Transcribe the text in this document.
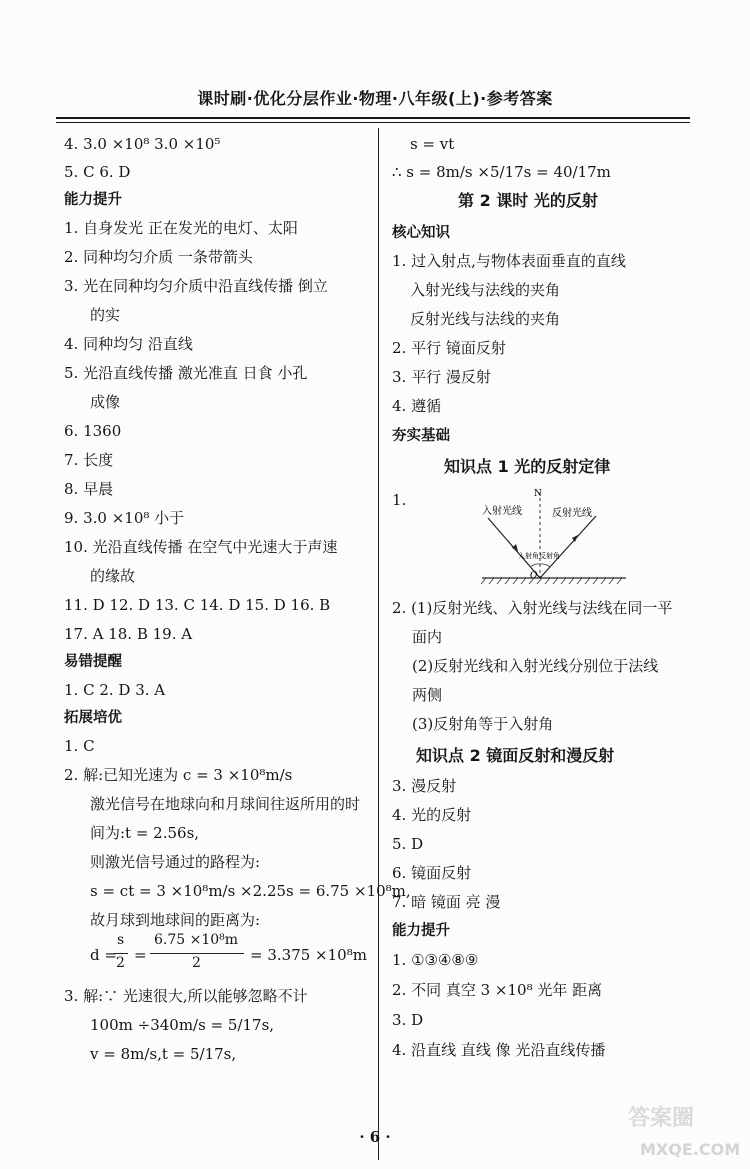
课时刷·优化分层作业·物理·八年级(上)·参考答案
4. 3.0 ×10⁸ 3.0 ×10⁵
5. C 6. D
能力提升
1. 自身发光 正在发光的电灯、太阳
2. 同种均匀介质 一条带箭头
3. 光在同种均匀介质中沿直线传播 倒立
的实
4. 同种均匀 沿直线
5. 光沿直线传播 激光准直 日食 小孔
成像
6. 1360
7. 长度
8. 早晨
9. 3.0 ×10⁸ 小于
10. 光沿直线传播 在空气中光速大于声速
的缘故
11. D 12. D 13. C 14. D 15. D 16. B
17. A 18. B 19. A
易错提醒
1. C 2. D 3. A
拓展培优
1. C
2. 解:已知光速为 c = 3 ×10⁸m/s
激光信号在地球向和月球间往返所用的时
间为:t = 2.56s,
则激光信号通过的路程为:
s = ct = 3 ×10⁸m/s ×2.25s = 6.75 ×10⁸m,
故月球到地球间的距离为:
d =
s
2 =
6.75 ×10⁸m
2	= 3.375 ×10⁸m
3. 解:∵ 光速很大,所以能够忽略不计
100m ÷340m/s = 5/17s,
v = 8m/s,t = 5/17s,
s = vt
∴ s = 8m/s ×5/17s = 40/17m
第 2 课时 光的反射
核心知识
1. 过入射点,与物体表面垂直的直线
入射光线与法线的夹角
反射光线与法线的夹角
2. 平行 镜面反射
3. 平行 漫反射
4. 遵循
夯实基础
知识点 1 光的反射定律
1.	N
入射光线	反射光线
入射角反射角
O
2. (1)反射光线、入射光线与法线在同一平
面内
(2)反射光线和入射光线分别位于法线
两侧
(3)反射角等于入射角
知识点 2 镜面反射和漫反射
3. 漫反射
4. 光的反射
5. D
6. 镜面反射
7. 暗 镜面 亮 漫
能力提升
1. ①③④⑧⑨
2. 不同 真空 3 ×10⁸ 光年 距离
3. D
4. 沿直线 直线 像 光沿直线传播
· 6 ·
答案圈
MXQE.COM
